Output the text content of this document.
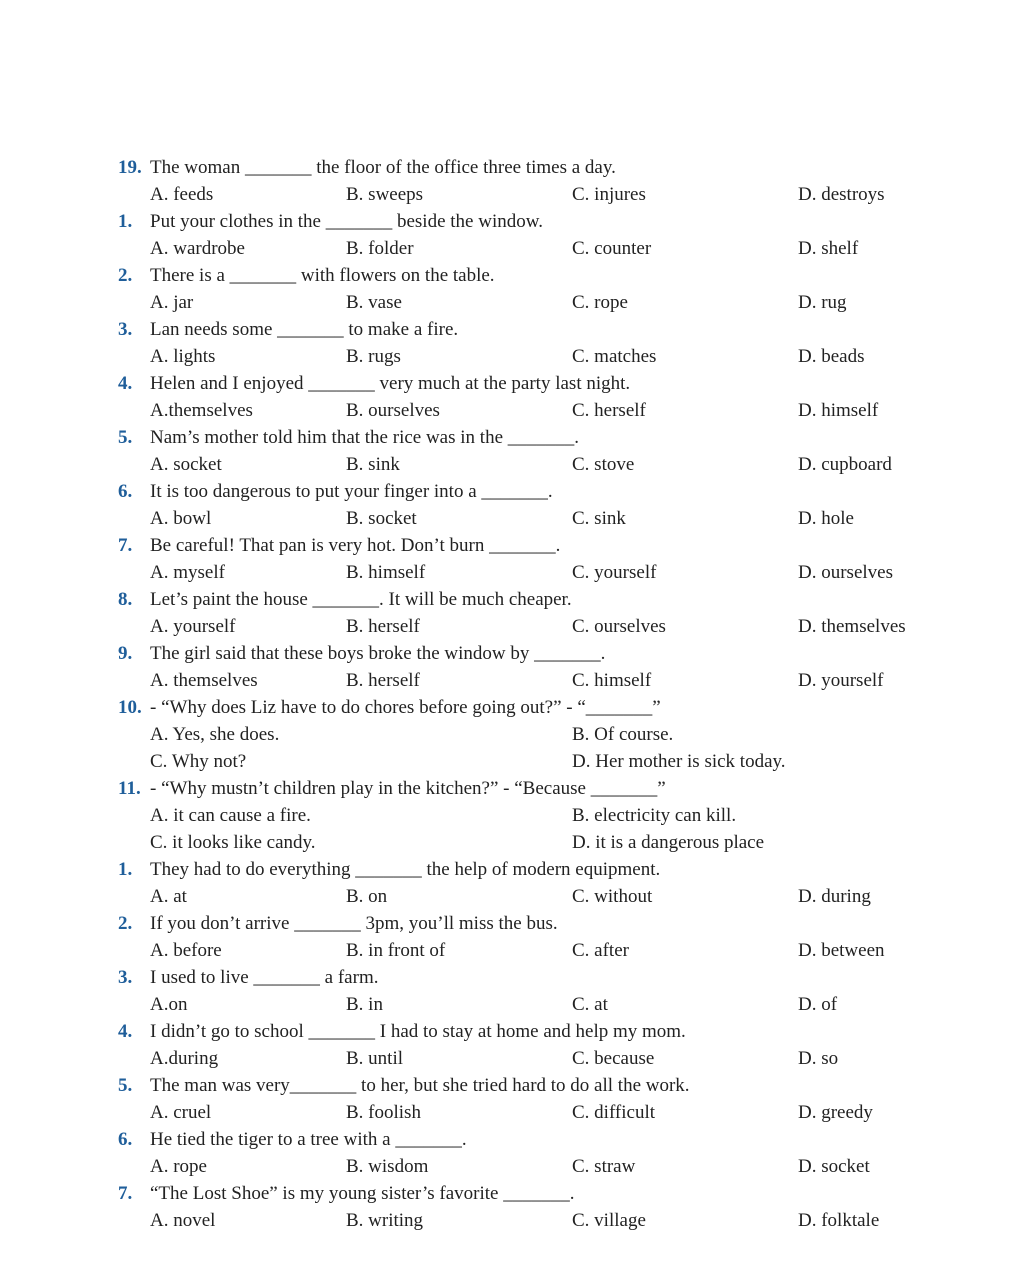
19. The woman _______ the floor of the office three times a day.
A. feeds	B. sweeps	C. injures	D. destroys
1. Put your clothes in the _______ beside the window.
A. wardrobe	B. folder	C. counter	D. shelf
2. There is a _______ with flowers on the table.
A. jar	B. vase	C. rope	D. rug
3. Lan needs some _______ to make a fire.
A. lights	B. rugs	C. matches	D. beads
4. Helen and I enjoyed _______ very much at the party last night.
A.themselves	B. ourselves	C. herself	D. himself
5. Nam’s mother told him that the rice was in the _______.
A. socket	B. sink	C. stove	D. cupboard
6. It is too dangerous to put your finger into a _______.
A. bowl	B. socket	C. sink	D. hole
7. Be careful! That pan is very hot. Don’t burn _______.
A. myself	B. himself	C. yourself	D. ourselves
8. Let’s paint the house _______. It will be much cheaper.
A. yourself	B. herself	C. ourselves	D. themselves
9. The girl said that these boys broke the window by _______.
A. themselves	B. herself	C. himself	D. yourself
10. - “Why does Liz have to do chores before going out?” - “_______”
A. Yes, she does.	B. Of course.
C. Why not?	D. Her mother is sick today.
11. - “Why mustn’t children play in the kitchen?” - “Because _______”
A. it can cause a fire.	B. electricity can kill.
C. it looks like candy.	D. it is a dangerous place
1. They had to do everything _______ the help of modern equipment.
A. at	B. on	C. without	D. during
2. If you don’t arrive _______ 3pm, you’ll miss the bus.
A. before	B. in front of	C. after	D. between
3. I used to live _______ a farm.
A.on	B. in	C. at	D. of
4. I didn’t go to school _______ I had to stay at home and help my mom.
A.during	B. until	C. because	D. so
5. The man was very_______ to her, but she tried hard to do all the work.
A. cruel	B. foolish	C. difficult	D. greedy
6. He tied the tiger to a tree with a _______.
A. rope	B. wisdom	C. straw	D. socket
7. “The Lost Shoe” is my young sister’s favorite _______.
A. novel	B. writing	C. village	D. folktale
